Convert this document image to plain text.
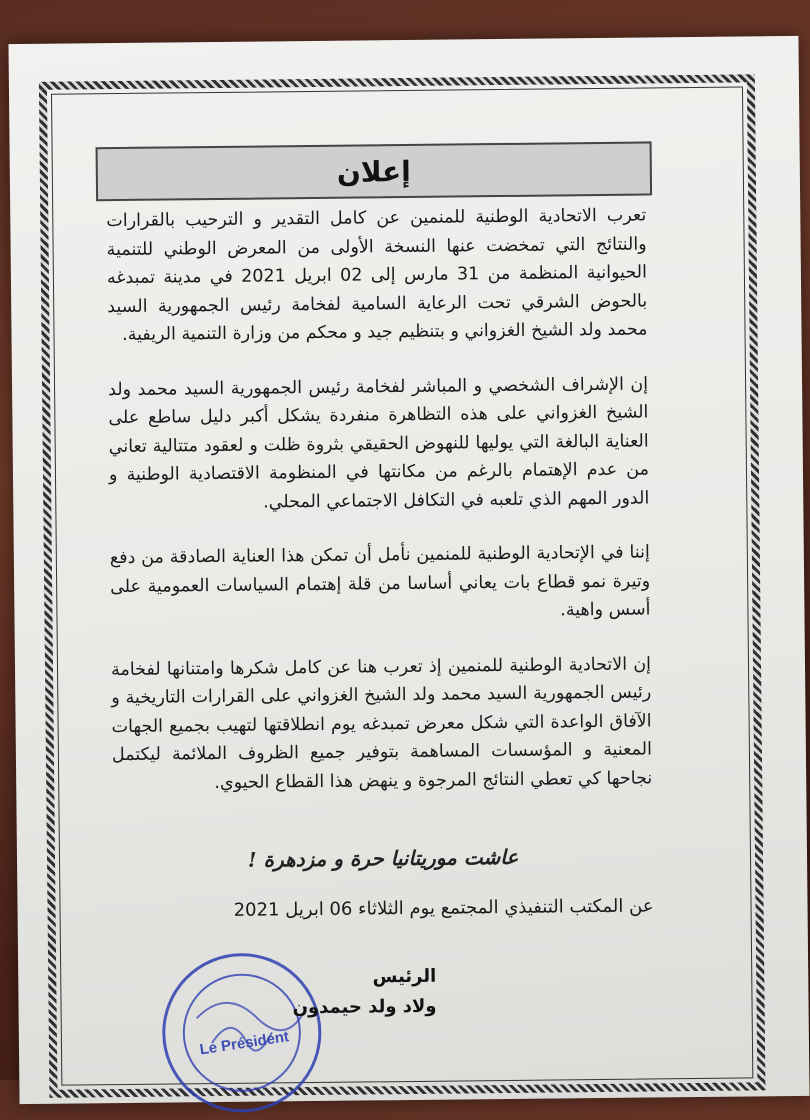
إعلان

تعرب الاتحادية الوطنية للمنمين عن كامل التقدير و الترحيب بالقرارات والنتائج التي تمخضت عنها النسخة الأولى من المعرض الوطني للتنمية الحيوانية المنظمة من 31 مارس إلى 02 ابريل 2021 في مدينة تمبدغه بالحوض الشرقي تحت الرعاية السامية لفخامة رئيس الجمهورية السيد محمد ولد الشيخ الغزواني و بتنظيم جيد و محكم من وزارة التنمية الريفية.

إن الإشراف الشخصي و المباشر لفخامة رئيس الجمهورية السيد محمد ولد الشيخ الغزواني على هذه التظاهرة منفردة يشكل أكبر دليل ساطع على العناية البالغة التي يوليها للنهوض الحقيقي بثروة ظلت و لعقود متتالية تعاني من عدم الإهتمام بالرغم من مكانتها في المنظومة الاقتصادية الوطنية و الدور المهم الذي تلعبه في التكافل الاجتماعي المحلي.

إننا في الإتحادية الوطنية للمنمين نأمل أن تمكن هذا العناية الصادقة من دفع وتيرة نمو قطاع بات يعاني أساسا من قلة إهتمام السياسات العمومية على أسس واهية.

إن الاتحادية الوطنية للمنمين إذ تعرب هنا عن كامل شكرها وامتنانها لفخامة رئيس الجمهورية السيد محمد ولد الشيخ الغزواني على القرارات التاريخية و الآفاق الواعدة التي شكل معرض تمبدغه يوم انطلاقتها لتهيب بجميع الجهات المعنية و المؤسسات المساهمة بتوفير جميع الظروف الملائمة ليكتمل نجاحها كي تعطي النتائج المرجوة و ينهض هذا القطاع الحيوي.

عاشت موريتانيا حرة و مزدهرة !
عن المكتب التنفيذي المجتمع يوم الثلاثاء 06 ابريل 2021
Le Président
الرئيس
ولاد ولد حيمدون
